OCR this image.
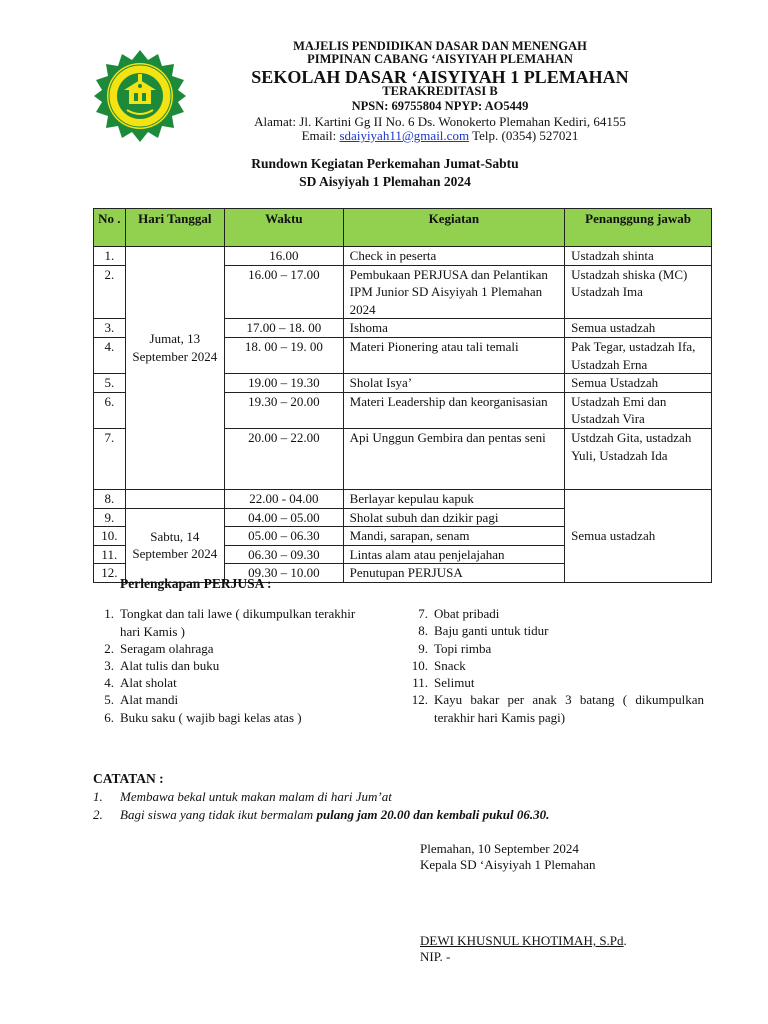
MAJELIS PENDIDIKAN DASAR DAN MENENGAH
PIMPINAN CABANG ‘AISYIYAH PLEMAHAN
SEKOLAH DASAR ‘AISYIYAH 1 PLEMAHAN
TERAKREDITASI B
NPSN: 69755804 NPYP: AO5449
Alamat: Jl. Kartini Gg II No. 6 Ds. Wonokerto Plemahan Kediri, 64155
Email: sdaiyiyah11@gmail.com Telp. (0354) 527021
Rundown Kegiatan Perkemahan Jumat-Sabtu
SD Aisyiyah 1 Plemahan 2024
No .	Hari Tanggal	Waktu	Kegiatan	Penanggung jawab
1.	Jumat, 13 September 2024	16.00	Check in peserta	Ustadzah shinta
2.		16.00 – 17.00	Pembukaan PERJUSA dan Pelantikan IPM Junior SD Aisyiyah 1 Plemahan 2024	Ustadzah shiska (MC) Ustadzah Ima
3.		17.00 – 18. 00	Ishoma	Semua ustadzah
4.		18. 00 – 19. 00	Materi Pionering atau tali temali	Pak Tegar, ustadzah Ifa, Ustadzah Erna
5.		19.00 – 19.30	Sholat Isya’	Semua Ustadzah
6.		19.30 – 20.00	Materi Leadership dan keorganisasian	Ustadzah Emi dan Ustadzah Vira
7.		20.00 – 22.00	Api Unggun Gembira dan pentas seni	Ustdzah Gita, ustadzah Yuli, Ustadzah Ida
8.		22.00 - 04.00	Berlayar kepulau kapuk	Semua ustadzah
9.	Sabtu, 14 September 2024	04.00 – 05.00	Sholat subuh dan dzikir pagi	
10.		05.00 – 06.30	Mandi, sarapan, senam	
11.		06.30 – 09.30	Lintas alam atau penjelajahan	
12.		09.30 – 10.00	Penutupan PERJUSA	
Perlengkapan PERJUSA :
1. Tongkat dan tali lawe ( dikumpulkan terakhir hari Kamis )
2. Seragam olahraga
3. Alat tulis dan buku
4. Alat sholat
5. Alat mandi
6. Buku saku ( wajib bagi kelas atas )
7. Obat pribadi
8. Baju ganti untuk tidur
9. Topi rimba
10. Snack
11. Selimut
12. Kayu bakar per anak 3 batang ( dikumpulkan terakhir hari Kamis pagi)
CATATAN :
1. Membawa bekal untuk makan malam di hari Jum’at
2. Bagi siswa yang tidak ikut bermalam pulang jam 20.00 dan kembali pukul 06.30.
Plemahan, 10 September 2024
Kepala SD ‘Aisyiyah 1 Plemahan
DEWI KHUSNUL KHOTIMAH, S.Pd.
NIP. -
